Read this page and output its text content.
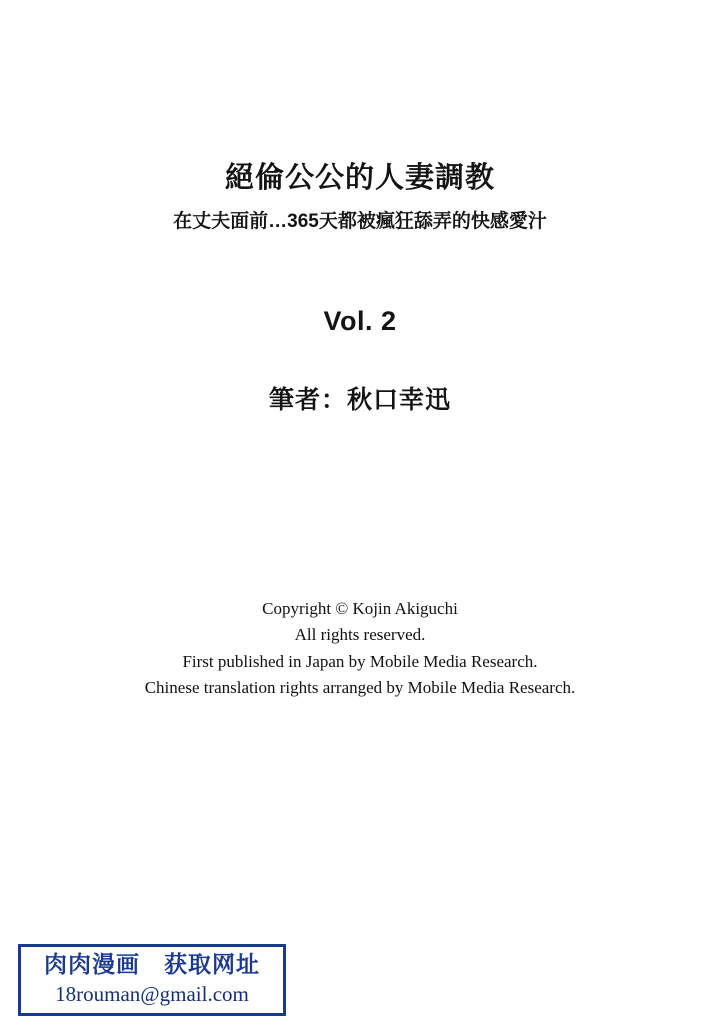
絕倫公公的人妻調教

在丈夫面前…365天都被瘋狂舔弄的快感愛汁

Vol. 2
筆者：秋口幸迅
Copyright © Kojin Akiguchi
All rights reserved.
First published in Japan by Mobile Media Research.
Chinese translation rights arranged by Mobile Media Research.
肉肉漫画　获取网址
18rouman@gmail.com
